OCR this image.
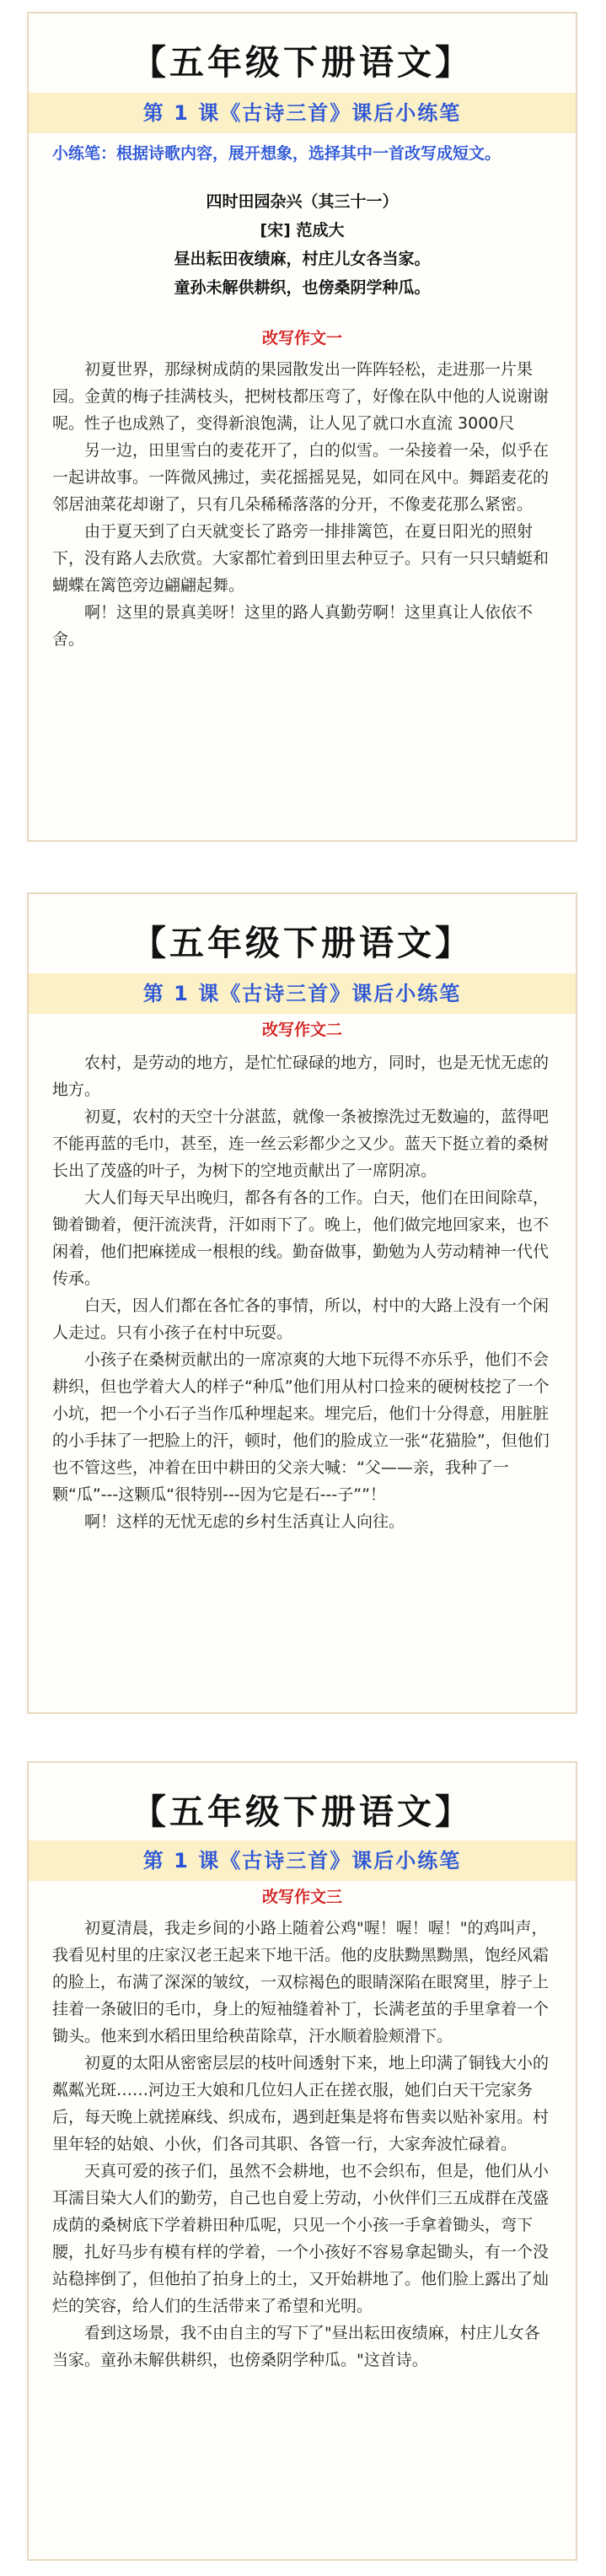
【五年级下册语文】
第 1 课《古诗三首》课后小练笔
小练笔：根据诗歌内容，展开想象，选择其中一首改写成短文。
四时田园杂兴（其三十一）
[宋] 范成大
昼出耘田夜绩麻，村庄儿女各当家。
童孙未解供耕织，也傍桑阴学种瓜。
改写作文一

初夏世界，那绿树成荫的果园散发出一阵阵轻松，走进那一片果园。金黄的梅子挂满枝头，把树枝都压弯了，好像在队中他的人说谢谢呢。性子也成熟了，变得新浪饱满，让人见了就口水直流 3000尺

另一边，田里雪白的麦花开了，白的似雪。一朵接着一朵，似乎在一起讲故事。一阵微风拂过，卖花摇摇晃晃，如同在风中。舞蹈麦花的邻居油菜花却谢了，只有几朵稀稀落落的分开，不像麦花那么紧密。

由于夏天到了白天就变长了路旁一排排篱笆，在夏日阳光的照射下，没有路人去欣赏。大家都忙着到田里去种豆子。只有一只只蜻蜓和蝴蝶在篱笆旁边翩翩起舞。

啊！这里的景真美呀！这里的路人真勤劳啊！这里真让人依依不舍。

【五年级下册语文】
第 1 课《古诗三首》课后小练笔
改写作文二

农村，是劳动的地方，是忙忙碌碌的地方，同时，也是无忧无虑的地方。

初夏，农村的天空十分湛蓝，就像一条被擦洗过无数遍的，蓝得吧不能再蓝的毛巾，甚至，连一丝云彩都少之又少。蓝天下挺立着的桑树长出了茂盛的叶子，为树下的空地贡献出了一席阴凉。

大人们每天早出晚归，都各有各的工作。白天，他们在田间除草，锄着锄着，便汗流浃背，汗如雨下了。晚上，他们做完地回家来，也不闲着，他们把麻搓成一根根的线。勤奋做事，勤勉为人劳动精神一代代传承。

白天，因人们都在各忙各的事情，所以，村中的大路上没有一个闲人走过。只有小孩子在村中玩耍。

小孩子在桑树贡献出的一席凉爽的大地下玩得不亦乐乎，他们不会耕织，但也学着大人的样子“种瓜”他们用从村口捡来的硬树枝挖了一个小坑，把一个小石子当作瓜种埋起来。埋完后，他们十分得意，用脏脏的小手抹了一把脸上的汗，顿时，他们的脸成立一张“花猫脸”，但他们也不管这些，冲着在田中耕田的父亲大喊：“父——亲，我种了一颗“瓜”---这颗瓜“很特别---因为它是石---子””！

啊！这样的无忧无虑的乡村生活真让人向往。

【五年级下册语文】
第 1 课《古诗三首》课后小练笔
改写作文三

初夏清晨，我走乡间的小路上随着公鸡"喔！喔！喔！"的鸡叫声，我看见村里的庄家汉老王起来下地干活。他的皮肤黝黑黝黑，饱经风霜的脸上，布满了深深的皱纹，一双棕褐色的眼睛深陷在眼窝里，脖子上挂着一条破旧的毛巾，身上的短袖缝着补丁，长满老茧的手里拿着一个锄头。他来到水稻田里给秧苗除草，汗水顺着脸颊滑下。

初夏的太阳从密密层层的枝叶间透射下来，地上印满了铜钱大小的粼粼光斑……河边王大娘和几位妇人正在搓衣服，她们白天干完家务后，每天晚上就搓麻线、织成布，遇到赶集是将布售卖以贴补家用。村里年轻的姑娘、小伙，们各司其职、各管一行，大家奔波忙碌着。

天真可爱的孩子们，虽然不会耕地，也不会织布，但是，他们从小耳濡目染大人们的勤劳，自己也自爱上劳动，小伙伴们三五成群在茂盛成荫的桑树底下学着耕田种瓜呢，只见一个小孩一手拿着锄头，弯下腰，扎好马步有模有样的学着，一个小孩好不容易拿起锄头，有一个没站稳摔倒了，但他拍了拍身上的土，又开始耕地了。他们脸上露出了灿烂的笑容，给人们的生活带来了希望和光明。

看到这场景，我不由自主的写下了"昼出耘田夜绩麻，村庄儿女各当家。童孙未解供耕织，也傍桑阴学种瓜。"这首诗。
